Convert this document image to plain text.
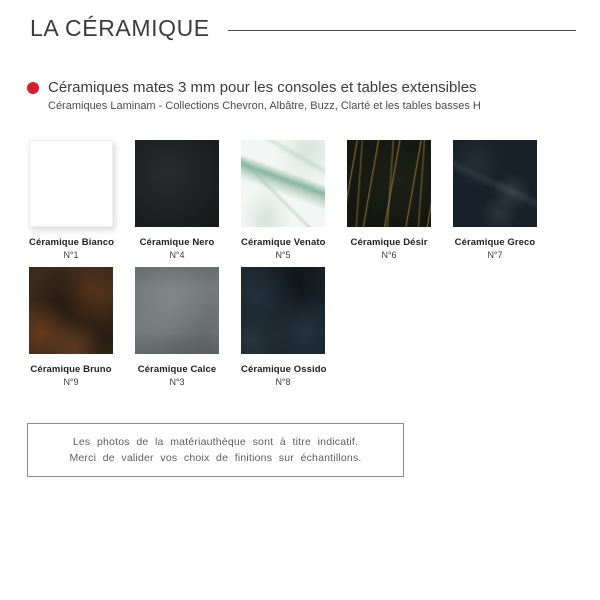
LA CÉRAMIQUE
Céramiques mates 3 mm pour les consoles et tables extensibles
Céramiques Laminam - Collections Chevron, Albâtre, Buzz, Clarté et les tables basses H
Céramique Bianco
N°1
Céramique Nero
N°4
Céramique Venato
N°5
Céramique Désir
N°6
Céramique Greco
N°7
Céramique Bruno
N°9
Céramique Calce
N°3
Céramique Ossido
N°8
Les photos de la matériauthèque sont à titre indicatif.
Merci de valider vos choix de finitions sur échantillons.
